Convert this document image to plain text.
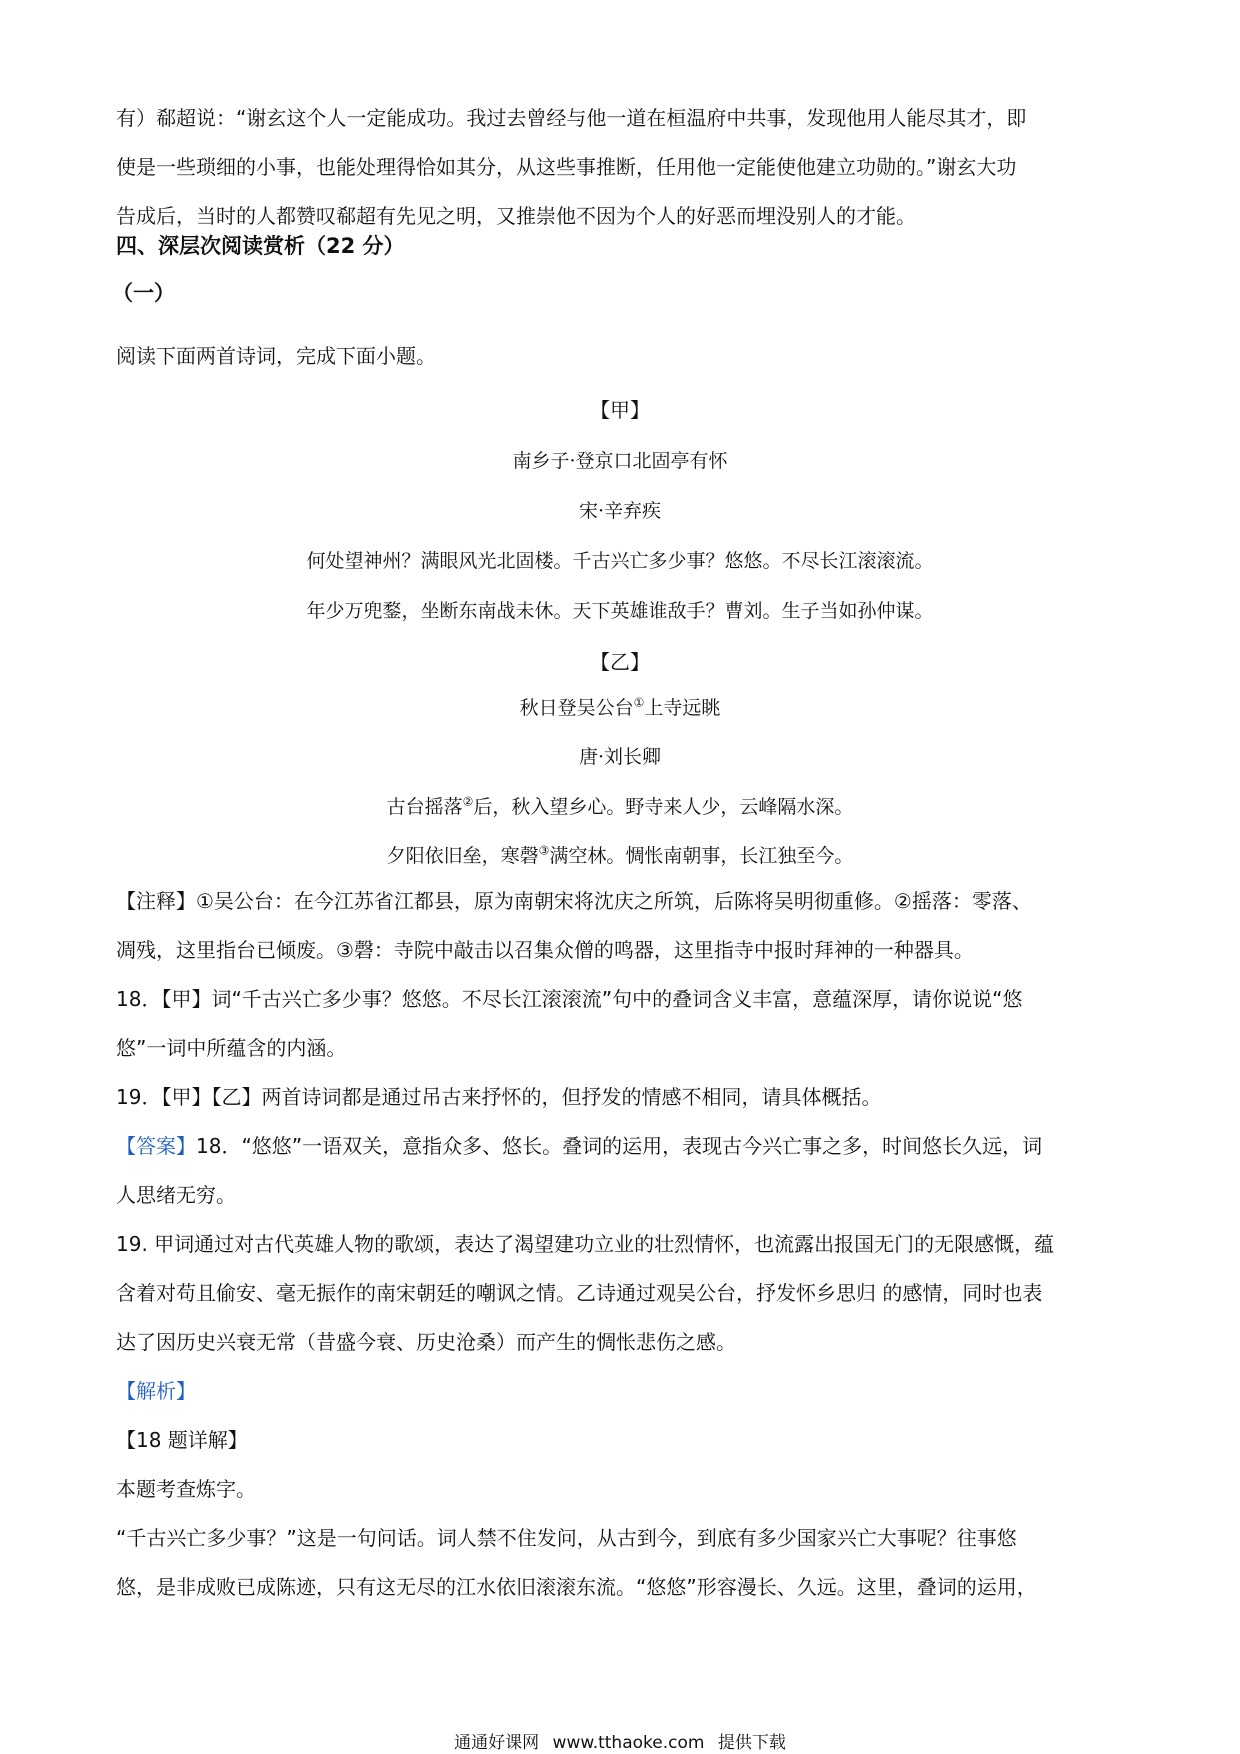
有）郗超说：“谢玄这个人一定能成功。我过去曾经与他一道在桓温府中共事，发现他用人能尽其才，即
使是一些琐细的小事，也能处理得恰如其分，从这些事推断，任用他一定能使他建立功勋的。”谢玄大功
告成后，当时的人都赞叹郗超有先见之明，又推崇他不因为个人的好恶而埋没别人的才能。

四、深层次阅读赏析（22 分）

（一）

阅读下面两首诗词，完成下面小题。

【甲】

南乡子·登京口北固亭有怀

宋·辛弃疾

何处望神州？满眼风光北固楼。千古兴亡多少事？悠悠。不尽长江滚滚流。

年少万兜鍪，坐断东南战未休。天下英雄谁敌手？曹刘。生子当如孙仲谋。

【乙】

秋日登吴公台①上寺远眺

唐·刘长卿

古台摇落②后，秋入望乡心。野寺来人少，云峰隔水深。

夕阳依旧垒，寒磬③满空林。惆怅南朝事，长江独至今。

【注释】①吴公台：在今江苏省江都县，原为南朝宋将沈庆之所筑，后陈将吴明彻重修。②摇落：零落、
凋残，这里指台已倾废。③磬：寺院中敲击以召集众僧的鸣器，这里指寺中报时拜神的一种器具。

18．【甲】词“千古兴亡多少事？悠悠。不尽长江滚滚流”句中的叠词含义丰富，意蕴深厚，请你说说“悠
悠”一词中所蕴含的内涵。

19．【甲】【乙】两首诗词都是通过吊古来抒怀的，但抒发的情感不相同，请具体概括。

【答案】18．“悠悠”一语双关，意指众多、悠长。叠词的运用，表现古今兴亡事之多，时间悠长久远，词
人思绪无穷。

19. 甲词通过对古代英雄人物的歌颂，表达了渴望建功立业的壮烈情怀，也流露出报国无门的无限感慨，蕴
含着对苟且偷安、毫无振作的南宋朝廷的嘲讽之情。乙诗通过观吴公台，抒发怀乡思归 的感情，同时也表
达了因历史兴衰无常（昔盛今衰、历史沧桑）而产生的惆怅悲伤之感。

【解析】
【18 题详解】
本题考查炼字。
“千古兴亡多少事？”这是一句问话。词人禁不住发问，从古到今，到底有多少国家兴亡大事呢？往事悠
悠，是非成败已成陈迹，只有这无尽的江水依旧滚滚东流。“悠悠”形容漫长、久远。这里，叠词的运用，

通通好课网 www.tthaoke.com 提供下载
